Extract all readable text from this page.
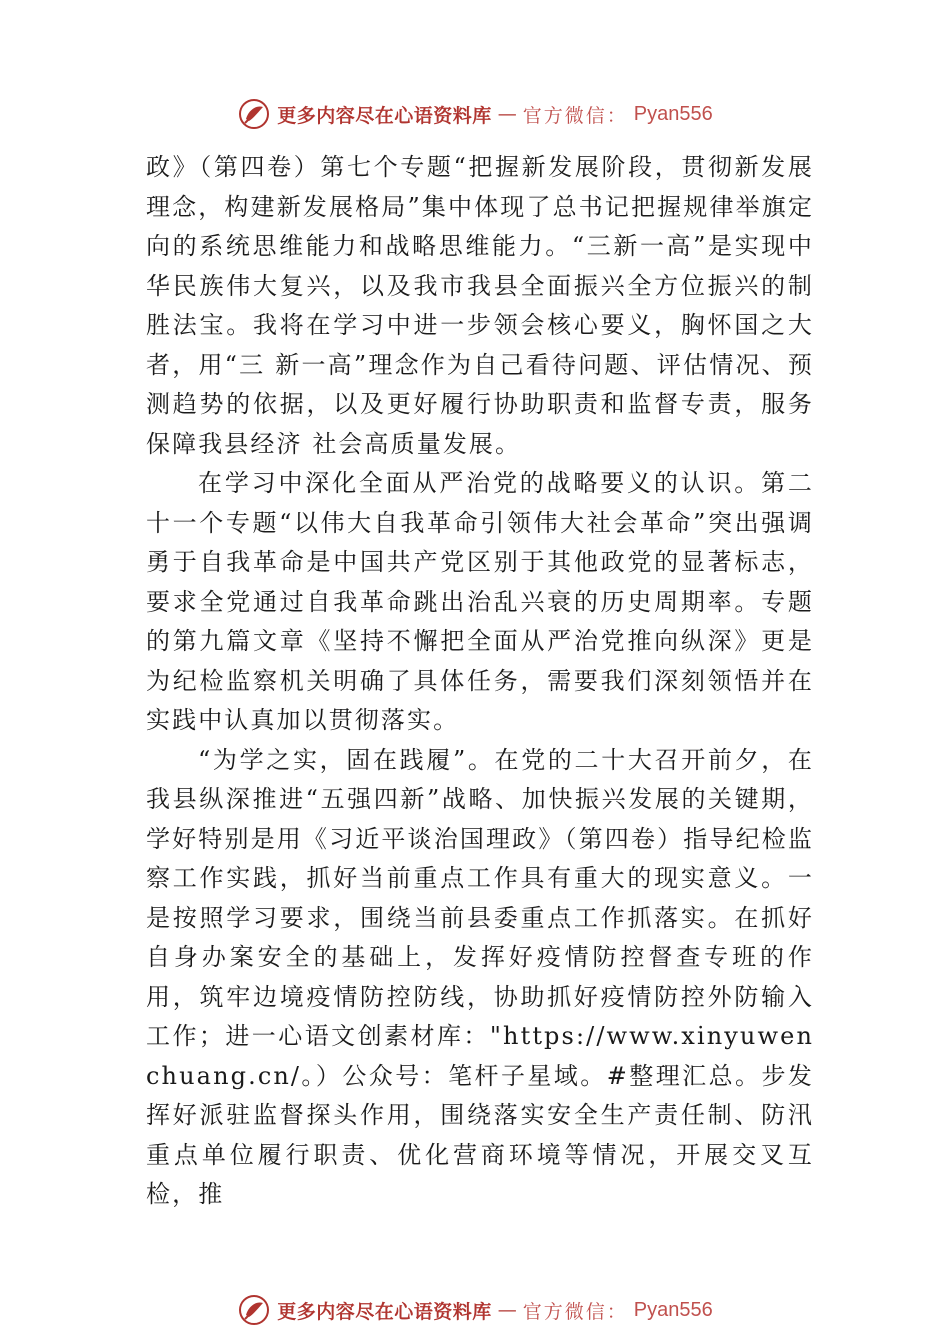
更多内容尽在心语资料库 — 官方微信： Pyan556

政》（第四卷）第七个专题“把握新发展阶段，贯彻新发展理念，构建新发展格局”集中体现了总书记把握规律举旗定向的系统思维能力和战略思维能力。“三新一高”是实现中华民族伟大复兴，以及我市我县全面振兴全方位振兴的制胜法宝。我将在学习中进一步领会核心要义，胸怀国之大者，用“三 新一高”理念作为自己看待问题、评估情况、预测趋势的依据，以及更好履行协助职责和监督专责，服务保障我县经济 社会高质量发展。

在学习中深化全面从严治党的战略要义的认识。第二十一个专题“以伟大自我革命引领伟大社会革命”突出强调勇于自我革命是中国共产党区别于其他政党的显著标志，要求全党通过自我革命跳出治乱兴衰的历史周期率。专题的第九篇文章《坚持不懈把全面从严治党推向纵深》更是为纪检监察机关明确了具体任务，需要我们深刻领悟并在实践中认真加以贯彻落实。

“为学之实，固在践履”。在党的二十大召开前夕，在我县纵深推进“五强四新”战略、加快振兴发展的关键期，学好特别是用《习近平谈治国理政》（第四卷）指导纪检监察工作实践，抓好当前重点工作具有重大的现实意义。一是按照学习要求，围绕当前县委重点工作抓落实。在抓好自身办案安全的基础上，发挥好疫情防控督查专班的作用，筑牢边境疫情防控防线，协助抓好疫情防控外防输入工作；进一心语文创素材库："https://www.xinyuwenchuang.cn/。）公众号：笔杆子星域。#整理汇总。步发挥好派驻监督探头作用，围绕落实安全生产责任制、防汛重点单位履行职责、优化营商环境等情况，开展交叉互检，推

更多内容尽在心语资料库 — 官方微信： Pyan556
